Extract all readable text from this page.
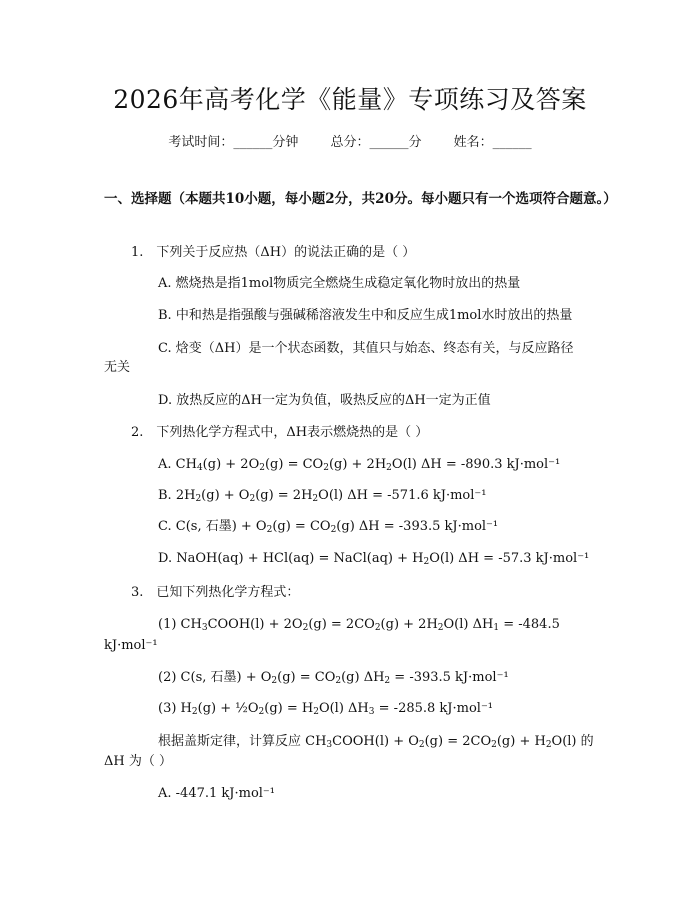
2026年高考化学《能量》专项练习及答案
考试时间：______分钟 总分：______分 姓名：______
一、选择题（本题共10小题，每小题2分，共20分。每小题只有一个选项符合题意。）
1.　下列关于反应热（ΔH）的说法正确的是（ ）
A. 燃烧热是指1mol物质完全燃烧生成稳定氧化物时放出的热量
B. 中和热是指强酸与强碱稀溶液发生中和反应生成1mol水时放出的热量
C. 焓变（ΔH）是一个状态函数，其值只与始态、终态有关，与反应路径
无关
D. 放热反应的ΔH一定为负值，吸热反应的ΔH一定为正值
2.　下列热化学方程式中，ΔH表示燃烧热的是（ ）
A. $CH_4(g) + 2O_2(g) = CO_2(g) + 2H_2O(l) \Delta H = -890.3$ kJ·mol⁻¹
B. $2H_2(g) + O_2(g) = 2H_2O(l) \Delta H = -571.6$ kJ·mol⁻¹
C. C(s, 石墨) + $O_2(g) = CO_2(g) \Delta H = -393.5$ kJ·mol⁻¹
D. NaOH(aq) + HCl(aq) = NaCl(aq) + $H_2O(l) \Delta H = -57.3$ kJ·mol⁻¹
3.　已知下列热化学方程式：
(1) $CH_3COOH(l) + 2O_2(g) = 2CO_2(g) + 2H_2O(l) \Delta H_1 = -484.5$
kJ·mol⁻¹
(2) C(s, 石墨) + $O_2(g) = CO_2(g) \Delta H_2 = -393.5$ kJ·mol⁻¹
(3) $H_2(g)$ + $\frac{1}{2}O_2(g) = H_2O(l) \Delta H_3 = -285.8$ kJ·mol⁻¹
根据盖斯定律，计算反应 $CH_3COOH(l) + O_2(g) = 2CO_2(g) + H_2O(l)$ 的
ΔH 为（ ）
A. -447.1 kJ·mol⁻¹
